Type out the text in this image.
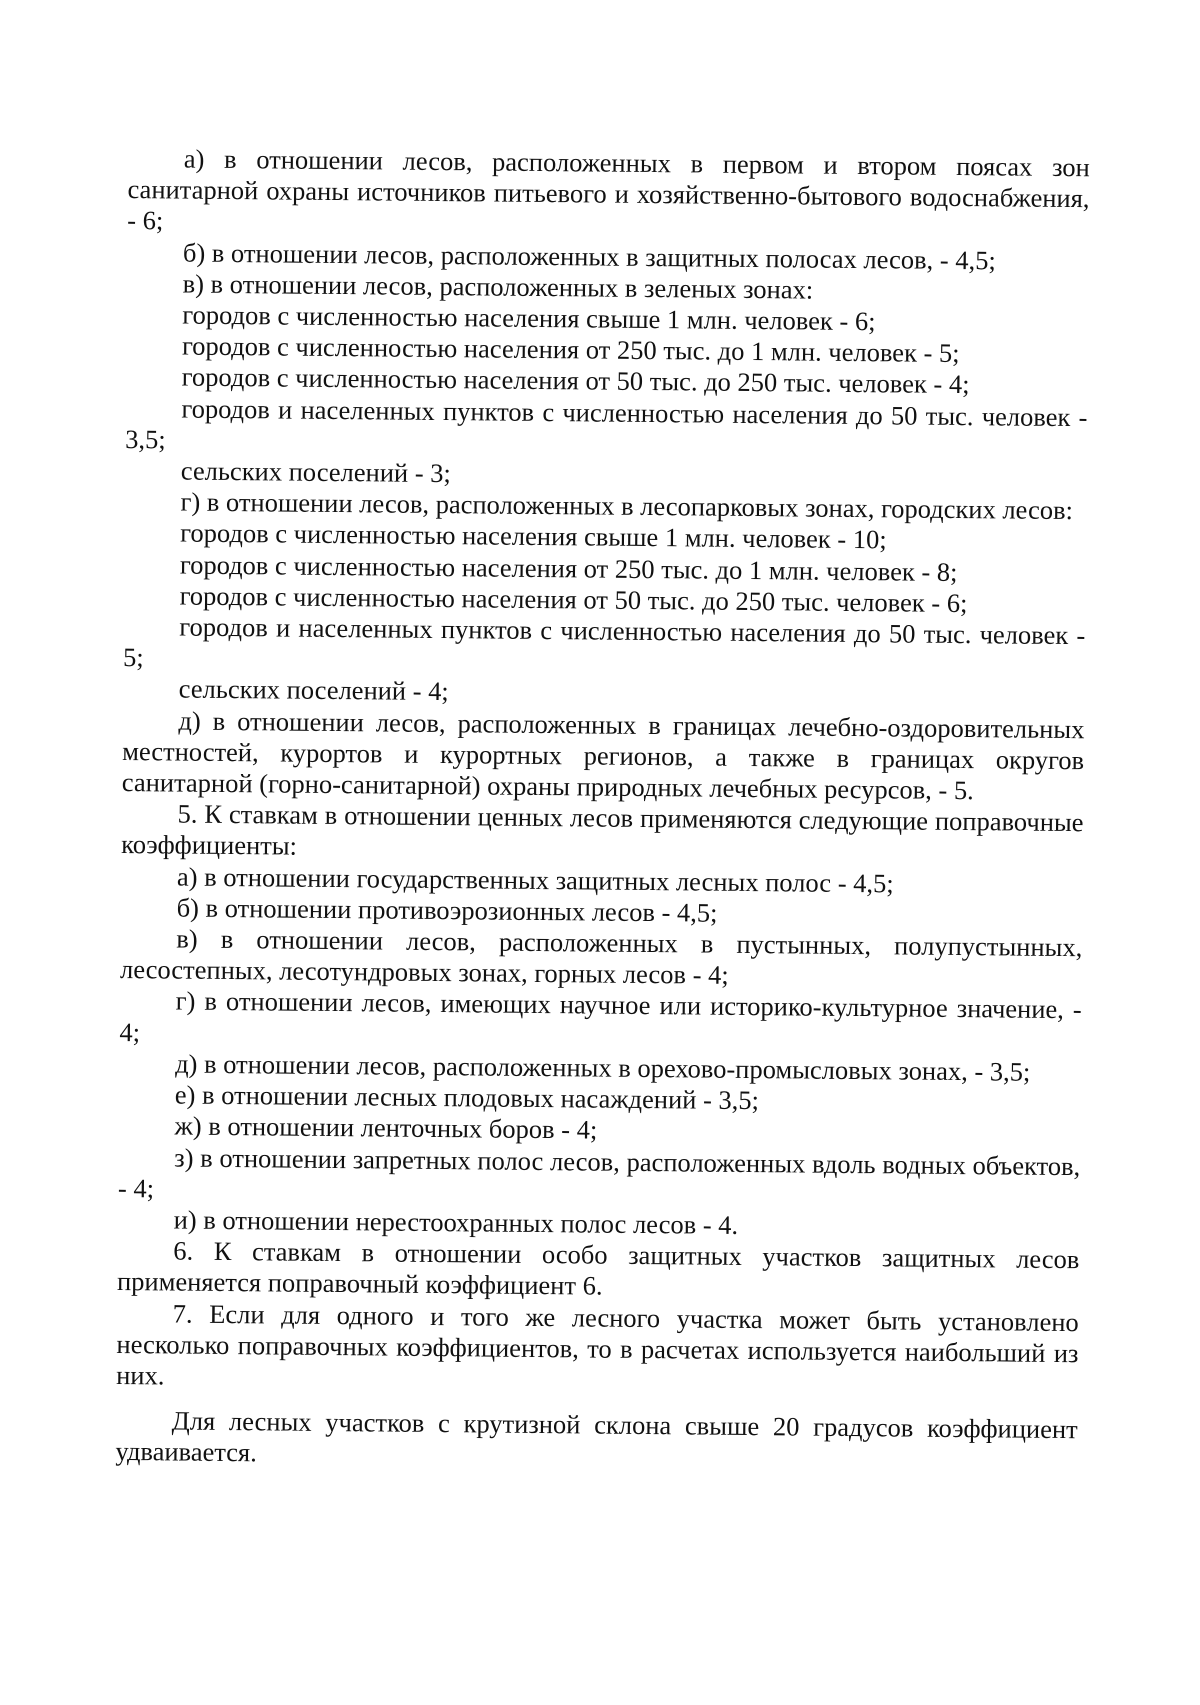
а) в отношении лесов, расположенных в первом и втором поясах зон санитарной охраны источников питьевого и хозяйственно-бытового водоснабжения, - 6;

б) в отношении лесов, расположенных в защитных полосах лесов, - 4,5;

в) в отношении лесов, расположенных в зеленых зонах:

городов с численностью населения свыше 1 млн. человек - 6;

городов с численностью населения от 250 тыс. до 1 млн. человек - 5;

городов с численностью населения от 50 тыс. до 250 тыс. человек - 4;

городов и населенных пунктов с численностью населения до 50 тыс. человек - 3,5;

сельских поселений - 3;

г) в отношении лесов, расположенных в лесопарковых зонах, городских лесов:

городов с численностью населения свыше 1 млн. человек - 10;

городов с численностью населения от 250 тыс. до 1 млн. человек - 8;

городов с численностью населения от 50 тыс. до 250 тыс. человек - 6;

городов и населенных пунктов с численностью населения до 50 тыс. человек - 5;

сельских поселений - 4;

д) в отношении лесов, расположенных в границах лечебно-оздоровительных местностей, курортов и курортных регионов, а также в границах округов санитарной (горно-санитарной) охраны природных лечебных ресурсов, - 5.

5. К ставкам в отношении ценных лесов применяются следующие поправочные коэффициенты:

а) в отношении государственных защитных лесных полос - 4,5;

б) в отношении противоэрозионных лесов - 4,5;

в) в отношении лесов, расположенных в пустынных, полупустынных, лесостепных, лесотундровых зонах, горных лесов - 4;

г) в отношении лесов, имеющих научное или историко-культурное значение, - 4;

д) в отношении лесов, расположенных в орехово-промысловых зонах, - 3,5;

е) в отношении лесных плодовых насаждений - 3,5;

ж) в отношении ленточных боров - 4;

з) в отношении запретных полос лесов, расположенных вдоль водных объектов, - 4;

и) в отношении нерестоохранных полос лесов - 4.

6. К ставкам в отношении особо защитных участков защитных лесов применяется поправочный коэффициент 6.

7. Если для одного и того же лесного участка может быть установлено несколько поправочных коэффициентов, то в расчетах используется наибольший из них.

Для лесных участков с крутизной склона свыше 20 градусов коэффициент удваивается.
